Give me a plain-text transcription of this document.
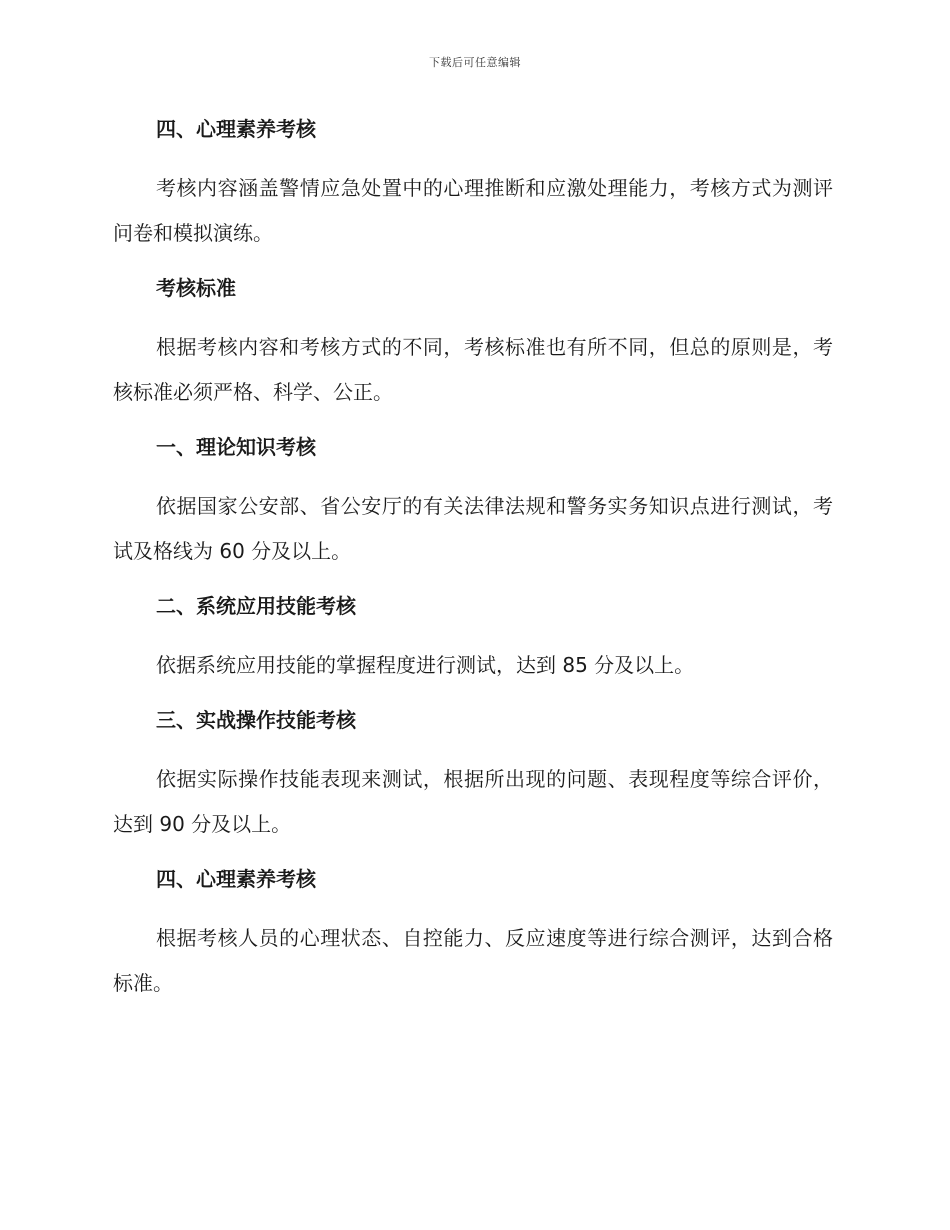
下载后可任意编辑
四、心理素养考核

考核内容涵盖警情应急处置中的心理推断和应激处理能力，考核方式为测评问卷和模拟演练。

考核标准

根据考核内容和考核方式的不同，考核标准也有所不同，但总的原则是，考核标准必须严格、科学、公正。

一、理论知识考核

依据国家公安部、省公安厅的有关法律法规和警务实务知识点进行测试，考试及格线为 60 分及以上。

二、系统应用技能考核

依据系统应用技能的掌握程度进行测试，达到 85 分及以上。

三、实战操作技能考核

依据实际操作技能表现来测试，根据所出现的问题、表现程度等综合评价，达到 90 分及以上。

四、心理素养考核

根据考核人员的心理状态、自控能力、反应速度等进行综合测评，达到合格标准。
